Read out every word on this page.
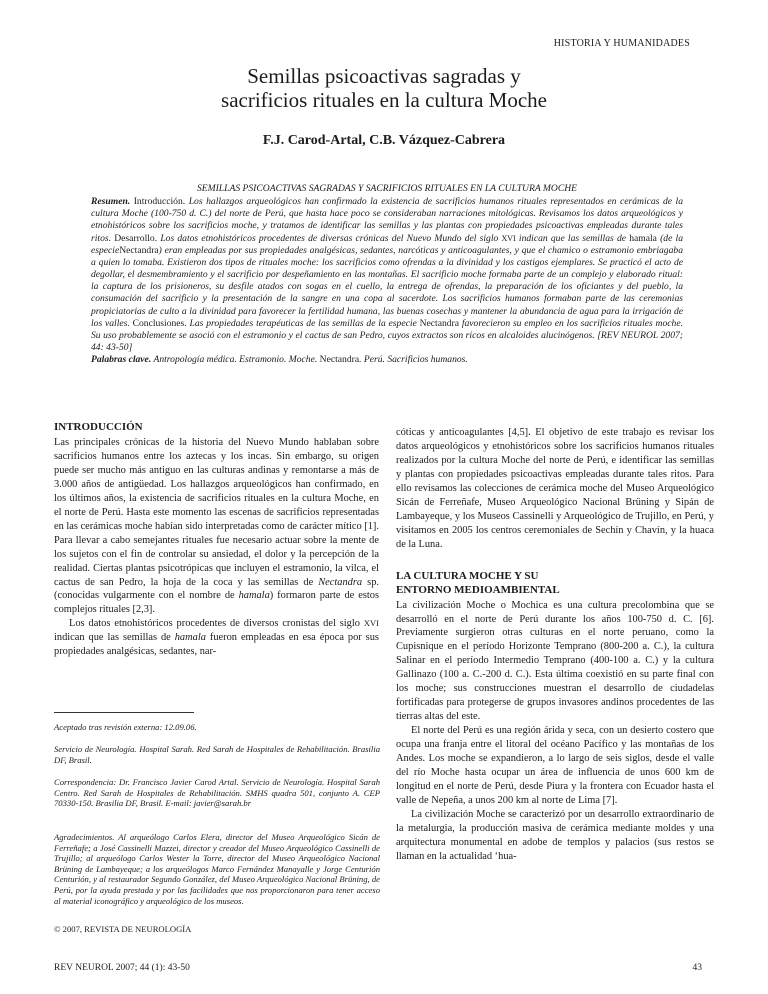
HISTORIA Y HUMANIDADES
Semillas psicoactivas sagradas y
sacrificios rituales en la cultura Moche
F.J. Carod-Artal, C.B. Vázquez-Cabrera
SEMILLAS PSICOACTIVAS SAGRADAS Y SACRIFICIOS RITUALES EN LA CULTURA MOCHE
Resumen. Introducción. Los hallazgos arqueológicos han confirmado la existencia de sacrificios humanos rituales representados en cerámicas de la cultura Moche (100-750 d. C.) del norte de Perú, que hasta hace poco se consideraban narraciones mitológicas. Revisamos los datos arqueológicos y etnohistóricos sobre los sacrificios moche, y tratamos de identificar las semillas y las plantas con propiedades psicoactivas empleadas durante tales ritos. Desarrollo. Los datos etnohistóricos procedentes de diversas crónicas del Nuevo Mundo del siglo XVI indican que las semillas de hamala (de la especieNectandra) eran empleadas por sus propiedades analgésicas, sedantes, narcóticas y anticoagulantes, y que el chamico o estramonio embriagaba a quien lo tomaba. Existieron dos tipos de rituales moche: los sacrificios como ofrendas a la divinidad y los castigos ejemplares. Se practicó el acto de degollar, el desmembramiento y el sacrificio por despeñamiento en las montañas. El sacrificio moche formaba parte de un complejo y elaborado ritual: la captura de los prisioneros, su desfile atados con sogas en el cuello, la entrega de ofrendas, la preparación de los oficiantes y del pueblo, la consumación del sacrificio y la presentación de la sangre en una copa al sacerdote. Los sacrificios humanos formaban parte de las ceremonias propiciatorias de culto a la divinidad para favorecer la fertilidad humana, las buenas cosechas y mantener la abundancia de agua para la irrigación de los valles. Conclusiones. Las propiedades terapéuticas de las semillas de la especie Nectandra favorecieron su empleo en los sacrificios rituales moche. Su uso probablemente se asoció con el estramonio y el cactus de san Pedro, cuyos extractos son ricos en alcaloides alucinógenos. [REV NEUROL 2007; 44: 43-50]
Palabras clave. Antropología médica. Estramonio. Moche. Nectandra. Perú. Sacrificios humanos.
INTRODUCCIÓN

Las principales crónicas de la historia del Nuevo Mundo hablaban sobre sacrificios humanos entre los aztecas y los incas. Sin embargo, su origen puede ser mucho más antiguo en las culturas andinas y remontarse a más de 3.000 años de antigüedad. Los hallazgos arqueológicos han confirmado, en los últimos años, la existencia de sacrificios rituales en la cultura Moche, en el norte de Perú. Hasta este momento las escenas de sacrificios representadas en las cerámicas moche habían sido interpretadas como de carácter mítico [1]. Para llevar a cabo semejantes rituales fue necesario actuar sobre la mente de los sujetos con el fin de controlar su ansiedad, el dolor y la percepción de la realidad. Ciertas plantas psicotrópicas que incluyen el estramonio, la vilca, el cactus de san Pedro, la hoja de la coca y las semillas de Nectandra sp. (conocidas vulgarmente con el nombre de hamala) formaron parte de estos complejos rituales [2,3].

Los datos etnohistóricos procedentes de diversos cronistas del siglo XVI indican que las semillas de hamala fueron empleadas en esa época por sus propiedades analgésicas, sedantes, nar-

Aceptado tras revisión externa: 12.09.06.
Servicio de Neurología. Hospital Sarah. Red Sarah de Hospitales de Rehabilitación. Brasilia DF, Brasil.
Correspondencia: Dr. Francisco Javier Carod Artal. Servicio de Neurología. Hospital Sarah Centro. Red Sarah de Hospitales de Rehabilitación. SMHS quadra 501, conjunto A. CEP 70330-150. Brasilia DF, Brasil. E-mail: javier@sarah.br
Agradecimientos. Al arqueólogo Carlos Elera, director del Museo Arqueológico Sicán de Ferreñafe; a José Cassinelli Mazzei, director y creador del Museo Arqueológico Cassinelli de Trujillo; al arqueólogo Carlos Wester la Torre, director del Museo Arqueológico Nacional Brüning de Lambayeque; a los arqueólogos Marco Fernández Manayalle y Jorge Centurión Centurión, y al restaurador Segundo González, del Museo Arqueológico Nacional Brüning, de Perú, por la ayuda prestada y por las facilidades que nos proporcionaron para tener acceso al material iconográfico y arqueológico de los museos.
© 2007, REVISTA DE NEUROLOGÍA

cóticas y anticoagulantes [4,5]. El objetivo de este trabajo es revisar los datos arqueológicos y etnohistóricos sobre los sacrificios humanos rituales realizados por la cultura Moche del norte de Perú, e identificar las semillas y plantas con propiedades psicoactivas empleadas durante tales ritos. Para ello revisamos las colecciones de cerámica moche del Museo Arqueológico Sicán de Ferreñafe, Museo Arqueológico Nacional Brüning y Sipán de Lambayeque, y los Museos Cassinelli y Arqueológico de Trujillo, en Perú, y visitamos en 2005 los centros ceremoniales de Sechín y Chavín, y la huaca de la Luna.

LA CULTURA MOCHE Y SU
ENTORNO MEDIOAMBIENTAL

La civilización Moche o Mochica es una cultura precolombina que se desarrolló en el norte de Perú durante los años 100-750 d. C. [6]. Previamente surgieron otras culturas en el norte peruano, como la Cupisnique en el período Horizonte Temprano (800-200 a. C.), la cultura Salinar en el período Intermedio Temprano (400-100 a. C.) y la cultura Gallinazo (100 a. C.-200 d. C.). Esta última coexistió en su parte final con los moche; sus construcciones muestran el desarrollo de ciudadelas fortificadas para protegerse de grupos invasores andinos procedentes de las tierras altas del este.

El norte del Perú es una región árida y seca, con un desierto costero que ocupa una franja entre el litoral del océano Pacífico y las montañas de los Andes. Los moche se expandieron, a lo largo de seis siglos, desde el valle del río Moche hasta ocupar un área de influencia de unos 600 km de longitud en el norte de Perú, desde Piura y la frontera con Ecuador hasta el valle de Nepeña, a unos 200 km al norte de Lima [7].

La civilización Moche se caracterizó por un desarrollo extraordinario de la metalurgia, la producción masiva de cerámica mediante moldes y una arquitectura monumental en adobe de templos y palacios (sus restos se llaman en la actualidad ‘hua-

REV NEUROL 2007; 44 (1): 43-50	43
